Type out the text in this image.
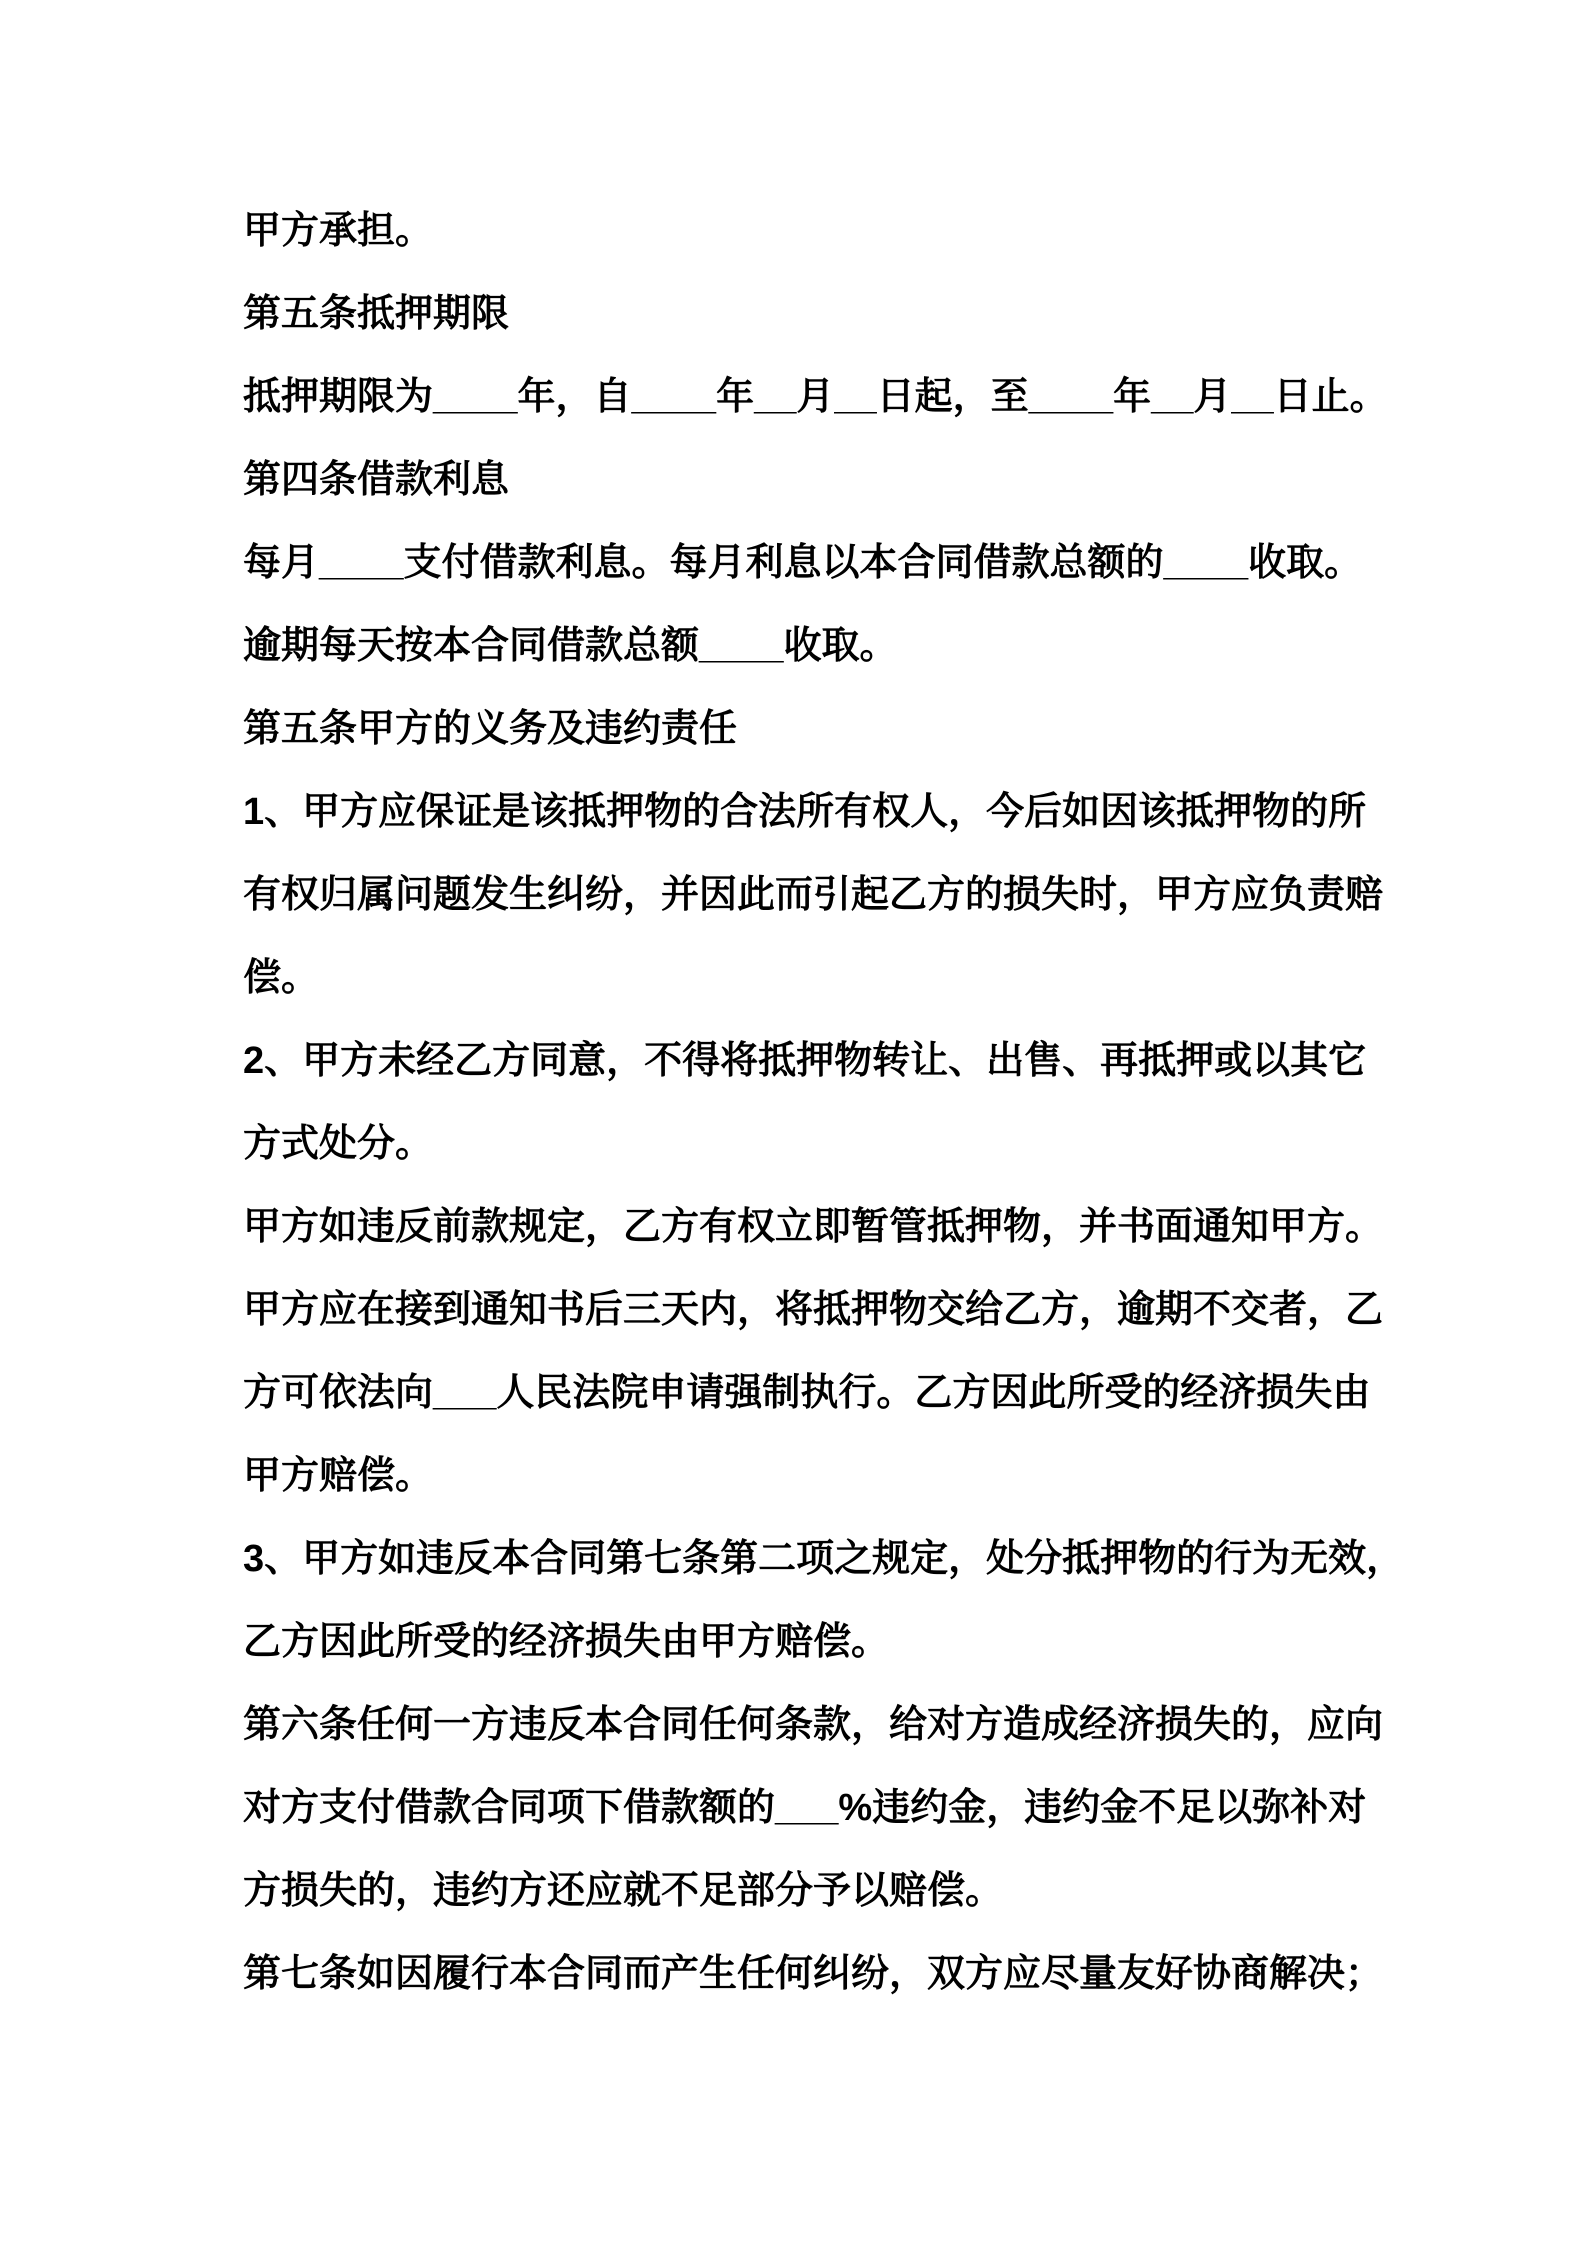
甲方承担。
第五条抵押期限
抵押期限为____年，自____年__月__日起，至____年__月__日止。
第四条借款利息
每月____支付借款利息。每月利息以本合同借款总额的____收取。
逾期每天按本合同借款总额____收取。
第五条甲方的义务及违约责任
1、甲方应保证是该抵押物的合法所有权人，今后如因该抵押物的所
有权归属问题发生纠纷，并因此而引起乙方的损失时，甲方应负责赔
偿。
2、甲方未经乙方同意，不得将抵押物转让、出售、再抵押或以其它
方式处分。
甲方如违反前款规定，乙方有权立即暂管抵押物，并书面通知甲方。
甲方应在接到通知书后三天内，将抵押物交给乙方，逾期不交者，乙
方可依法向___人民法院申请强制执行。乙方因此所受的经济损失由
甲方赔偿。
3、甲方如违反本合同第七条第二项之规定，处分抵押物的行为无效，
乙方因此所受的经济损失由甲方赔偿。
第六条任何一方违反本合同任何条款，给对方造成经济损失的，应向
对方支付借款合同项下借款额的___%违约金，违约金不足以弥补对
方损失的，违约方还应就不足部分予以赔偿。
第七条如因履行本合同而产生任何纠纷，双方应尽量友好协商解决；
